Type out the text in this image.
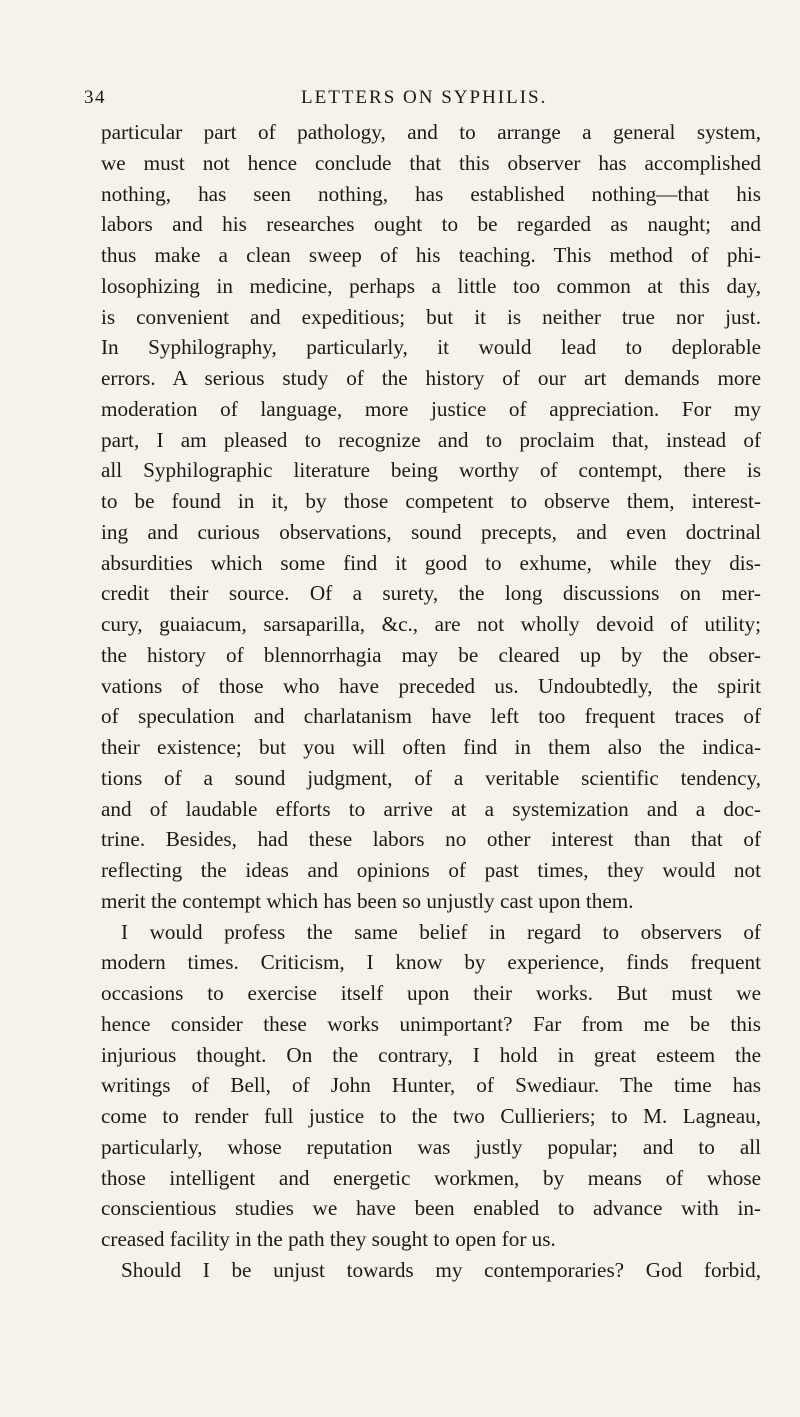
34	LETTERS ON SYPHILIS.
particular part of pathology, and to arrange a general system,
we must not hence conclude that this observer has accomplished
nothing, has seen nothing, has established nothing—that his
labors and his researches ought to be regarded as naught; and
thus make a clean sweep of his teaching. This method of phi-
losophizing in medicine, perhaps a little too common at this day,
is convenient and expeditious; but it is neither true nor just.
In Syphilography, particularly, it would lead to deplorable
errors. A serious study of the history of our art demands more
moderation of language, more justice of appreciation. For my
part, I am pleased to recognize and to proclaim that, instead of
all Syphilographic literature being worthy of contempt, there is
to be found in it, by those competent to observe them, interest-
ing and curious observations, sound precepts, and even doctrinal
absurdities which some find it good to exhume, while they dis-
credit their source. Of a surety, the long discussions on mer-
cury, guaiacum, sarsaparilla, &c., are not wholly devoid of utility;
the history of blennorrhagia may be cleared up by the obser-
vations of those who have preceded us. Undoubtedly, the spirit
of speculation and charlatanism have left too frequent traces of
their existence; but you will often find in them also the indica-
tions of a sound judgment, of a veritable scientific tendency,
and of laudable efforts to arrive at a systemization and a doc-
trine. Besides, had these labors no other interest than that of
reflecting the ideas and opinions of past times, they would not
merit the contempt which has been so unjustly cast upon them.
I would profess the same belief in regard to observers of
modern times. Criticism, I know by experience, finds frequent
occasions to exercise itself upon their works. But must we
hence consider these works unimportant? Far from me be this
injurious thought. On the contrary, I hold in great esteem the
writings of Bell, of John Hunter, of Swediaur. The time has
come to render full justice to the two Cullieriers; to M. Lagneau,
particularly, whose reputation was justly popular; and to all
those intelligent and energetic workmen, by means of whose
conscientious studies we have been enabled to advance with in-
creased facility in the path they sought to open for us.
Should I be unjust towards my contemporaries? God forbid,
